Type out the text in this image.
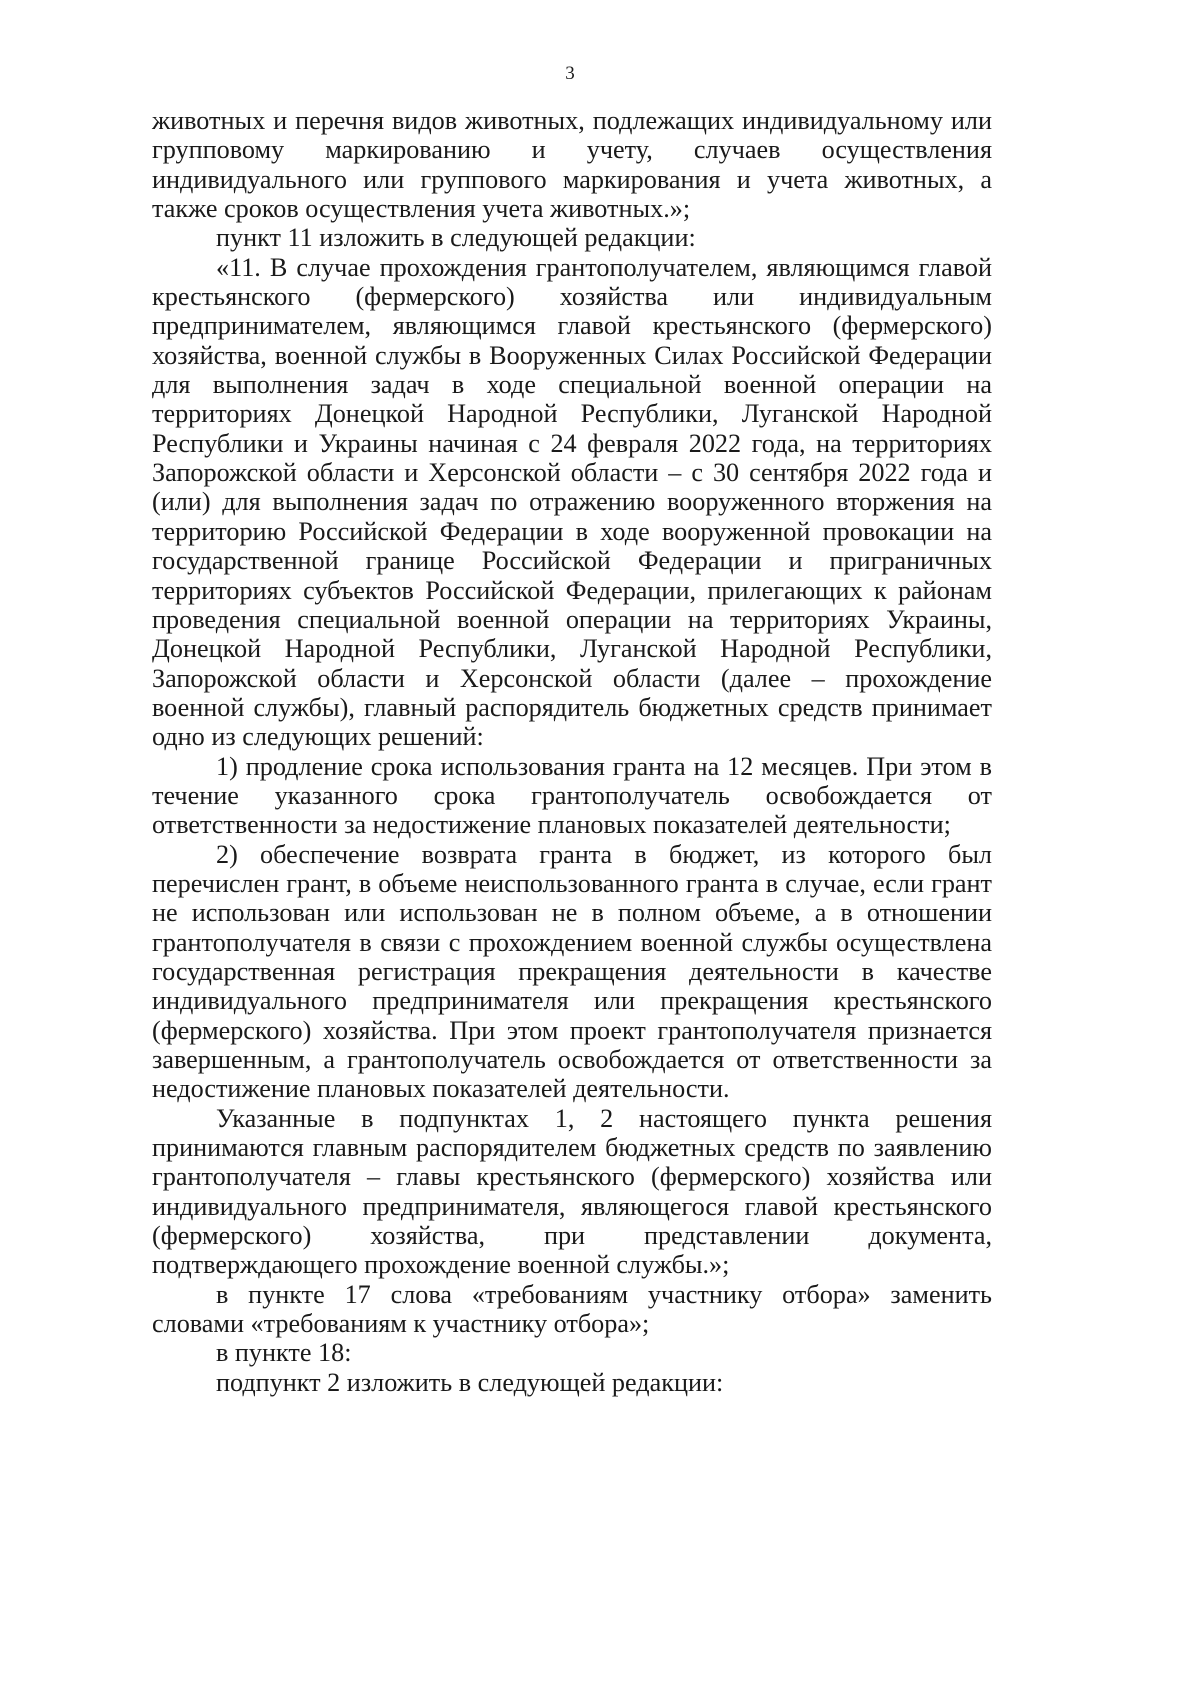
3

животных и перечня видов животных, подлежащих индивидуальному или групповому маркированию и учету, случаев осуществления индивидуального или группового маркирования и учета животных, а также сроков осуществления учета животных.»;

пункт 11 изложить в следующей редакции:

«11. В случае прохождения грантополучателем, являющимся главой крестьянского (фермерского) хозяйства или индивидуальным предпринимателем, являющимся главой крестьянского (фермерского) хозяйства, военной службы в Вооруженных Силах Российской Федерации для выполнения задач в ходе специальной военной операции на территориях Донецкой Народной Республики, Луганской Народной Республики и Украины начиная с 24 февраля 2022 года, на территориях Запорожской области и Херсонской области – с 30 сентября 2022 года и (или) для выполнения задач по отражению вооруженного вторжения на территорию Российской Федерации в ходе вооруженной провокации на государственной границе Российской Федерации и приграничных территориях субъектов Российской Федерации, прилегающих к районам проведения специальной военной операции на территориях Украины, Донецкой Народной Республики, Луганской Народной Республики, Запорожской области и Херсонской области (далее – прохождение военной службы), главный распорядитель бюджетных средств принимает одно из следующих решений:

1) продление срока использования гранта на 12 месяцев. При этом в течение указанного срока грантополучатель освобождается от ответственности за недостижение плановых показателей деятельности;

2) обеспечение возврата гранта в бюджет, из которого был перечислен грант, в объеме неиспользованного гранта в случае, если грант не использован или использован не в полном объеме, а в отношении грантополучателя в связи с прохождением военной службы осуществлена государственная регистрация прекращения деятельности в качестве индивидуального предпринимателя или прекращения крестьянского (фермерского) хозяйства. При этом проект грантополучателя признается завершенным, а грантополучатель освобождается от ответственности за недостижение плановых показателей деятельности.

Указанные в подпунктах 1, 2 настоящего пункта решения принимаются главным распорядителем бюджетных средств по заявлению грантополучателя – главы крестьянского (фермерского) хозяйства или индивидуального предпринимателя, являющегося главой крестьянского (фермерского) хозяйства, при представлении документа, подтверждающего прохождение военной службы.»;

в пункте 17 слова «требованиям участнику отбора» заменить словами «требованиям к участнику отбора»;

в пункте 18:

подпункт 2 изложить в следующей редакции:
